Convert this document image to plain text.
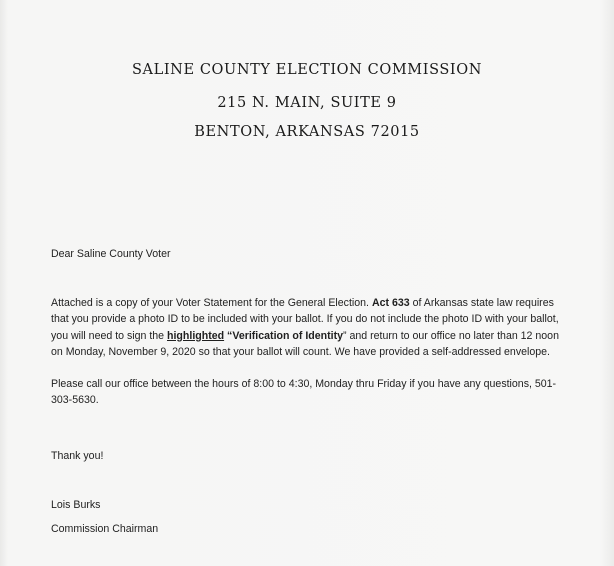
SALINE COUNTY ELECTION COMMISSION

215 N. MAIN, SUITE 9

BENTON, ARKANSAS 72015

Dear Saline County Voter

Attached is a copy of your Voter Statement for the General Election. Act 633 of Arkansas state law requires that you provide a photo ID to be included with your ballot. If you do not include the photo ID with your ballot, you will need to sign the highlighted “Verification of Identity” and return to our office no later than 12 noon on Monday, November 9, 2020 so that your ballot will count. We have provided a self-addressed envelope.

Please call our office between the hours of 8:00 to 4:30, Monday thru Friday if you have any questions, 501-303-5630.

Thank you!

Lois Burks

Commission Chairman
